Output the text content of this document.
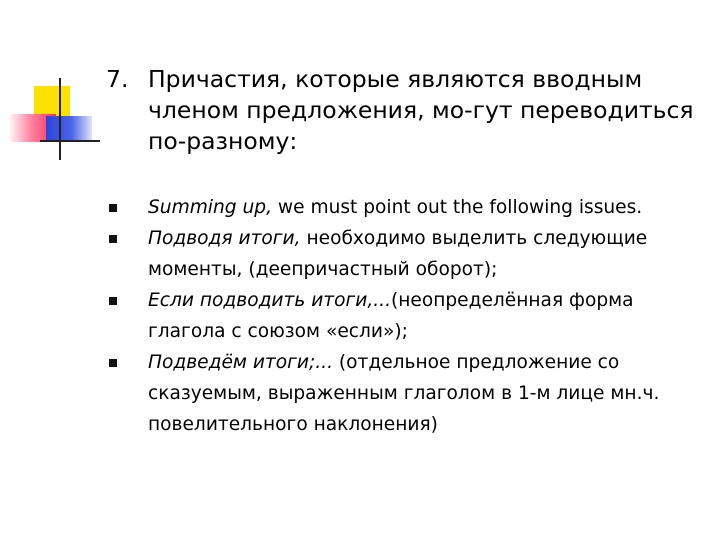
7. Причастия, которые являются вводным членом предложения, мо-гут переводиться по-разному:
Summing up, we must point out the following issues.
Подводя итоги, необходимо выделить следующие моменты, (деепричастный оборот);
Если подводить итоги,...(неопределённая форма глагола с союзом «если»);
Подведём итоги;... (отдельное предложение со сказуемым, выраженным глаголом в 1-м лице мн.ч. повелительного наклонения)
